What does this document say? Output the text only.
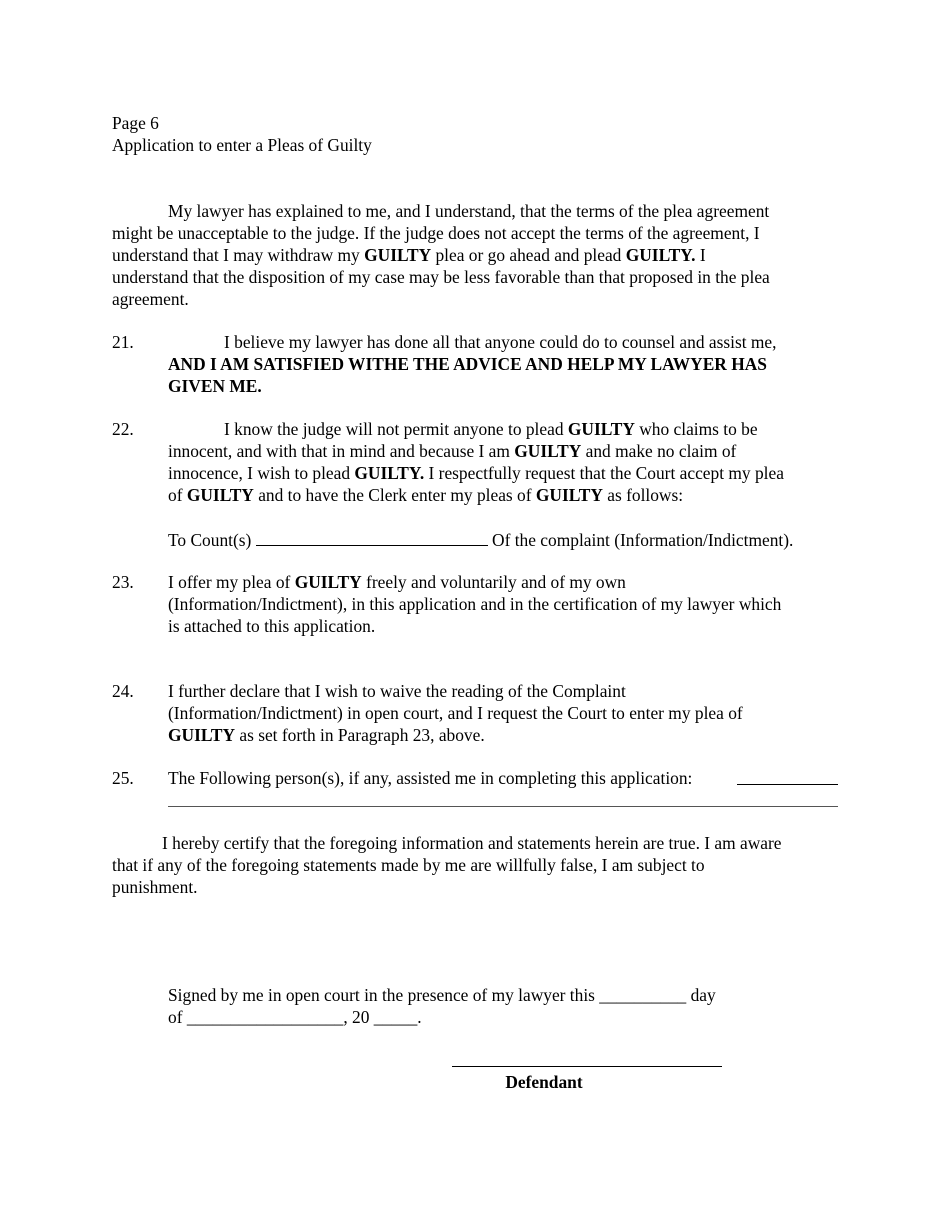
Page 6
Application to enter a Pleas of Guilty
My lawyer has explained to me, and I understand, that the terms of the plea agreement
might be unacceptable to the judge. If the judge does not accept the terms of the agreement, I
understand that I may withdraw my GUILTY plea or go ahead and plead GUILTY. I
understand that the disposition of my case may be less favorable than that proposed in the plea
agreement.
21.	I believe my lawyer has done all that anyone could do to counsel and assist me,
AND I AM SATISFIED WITHE THE ADVICE AND HELP MY LAWYER HAS
GIVEN ME.
22.	I know the judge will not permit anyone to plead GUILTY who claims to be
innocent, and with that in mind and because I am GUILTY and make no claim of
innocence, I wish to plead GUILTY. I respectfully request that the Court accept my plea
of GUILTY and to have the Clerk enter my pleas of GUILTY as follows:
To Count(s)	Of the complaint (Information/Indictment).
23. I offer my plea of GUILTY freely and voluntarily and of my own
(Information/Indictment), in this application and in the certification of my lawyer which
is attached to this application.
24. I further declare that I wish to waive the reading of the Complaint
(Information/Indictment) in open court, and I request the Court to enter my plea of
GUILTY as set forth in Paragraph 23, above.
25. The Following person(s), if any, assisted me in completing this application:
I hereby certify that the foregoing information and statements herein are true. I am aware
that if any of the foregoing statements made by me are willfully false, I am subject to
punishment.
Signed by me in open court in the presence of my lawyer this __________ day
of __________________, 20 _____.
Defendant
